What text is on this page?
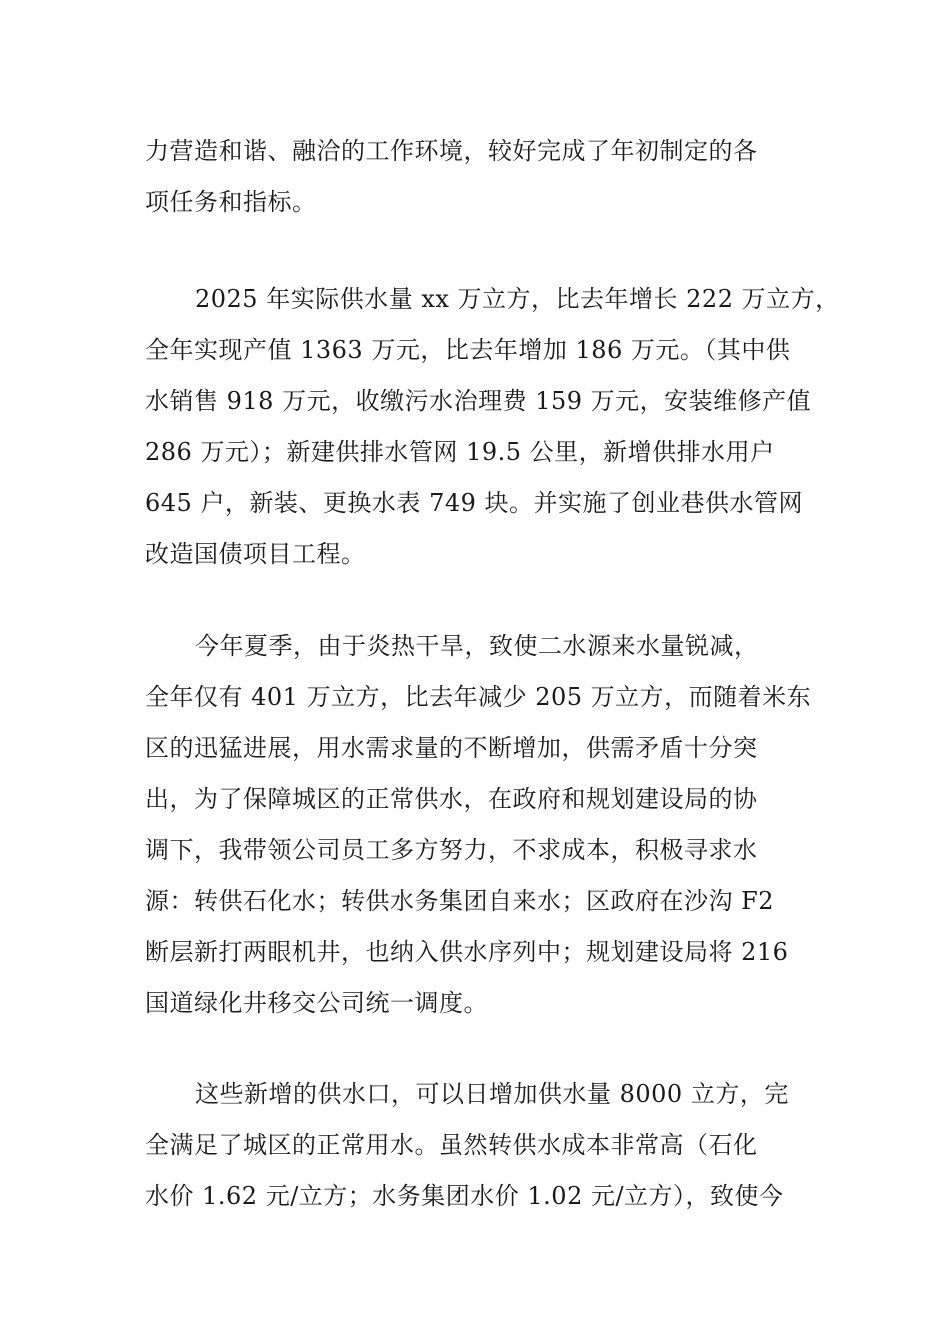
力营造和谐、融洽的工作环境，较好完成了年初制定的各
项任务和指标。
2025 年实际供水量 xx 万立方，比去年增长 222 万立方，
全年实现产值 1363 万元，比去年增加 186 万元。（其中供
水销售 918 万元，收缴污水治理费 159 万元，安装维修产值
286 万元）；新建供排水管网 19.5 公里，新增供排水用户
645 户，新装、更换水表 749 块。并实施了创业巷供水管网
改造国债项目工程。
今年夏季，由于炎热干旱，致使二水源来水量锐减，
全年仅有 401 万立方，比去年减少 205 万立方，而随着米东
区的迅猛进展，用水需求量的不断增加，供需矛盾十分突
出，为了保障城区的正常供水，在政府和规划建设局的协
调下，我带领公司员工多方努力，不求成本，积极寻求水
源：转供石化水；转供水务集团自来水；区政府在沙沟 F2
断层新打两眼机井，也纳入供水序列中；规划建设局将 216
国道绿化井移交公司统一调度。
这些新增的供水口，可以日增加供水量 8000 立方，完
全满足了城区的正常用水。虽然转供水成本非常高（石化
水价 1.62 元/立方；水务集团水价 1.02 元/立方），致使今
